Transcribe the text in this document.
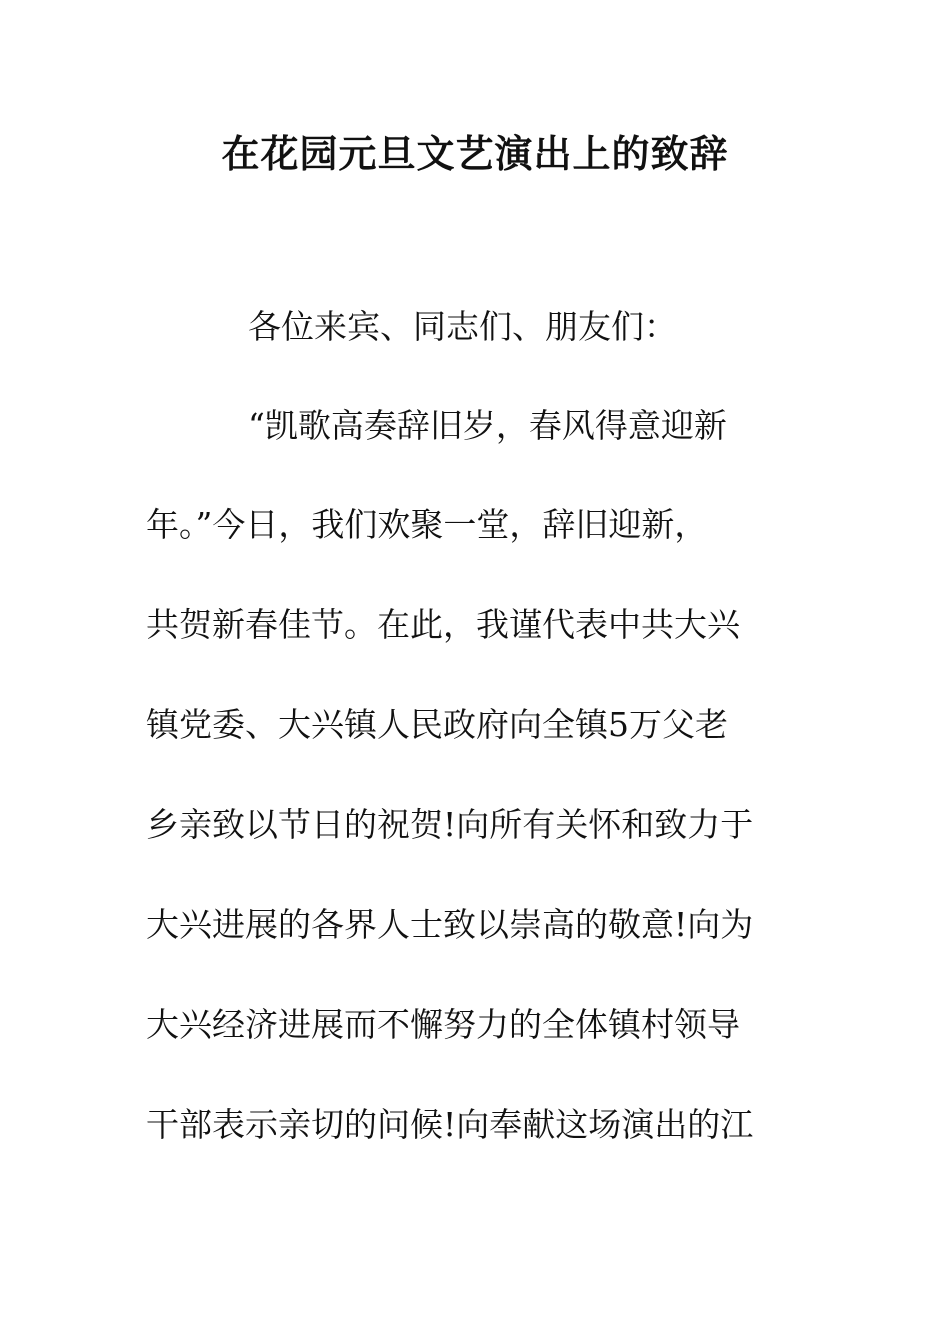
在花园元旦文艺演出上的致辞

各位来宾、同志们、朋友们：

“凯歌高奏辞旧岁，春风得意迎新

年。”今日，我们欢聚一堂，辞旧迎新，

共贺新春佳节。在此，我谨代表中共大兴

镇党委、大兴镇人民政府向全镇5万父老

乡亲致以节日的祝贺!向所有关怀和致力于

大兴进展的各界人士致以崇高的敬意!向为

大兴经济进展而不懈努力的全体镇村领导

干部表示亲切的问候!向奉献这场演出的江
